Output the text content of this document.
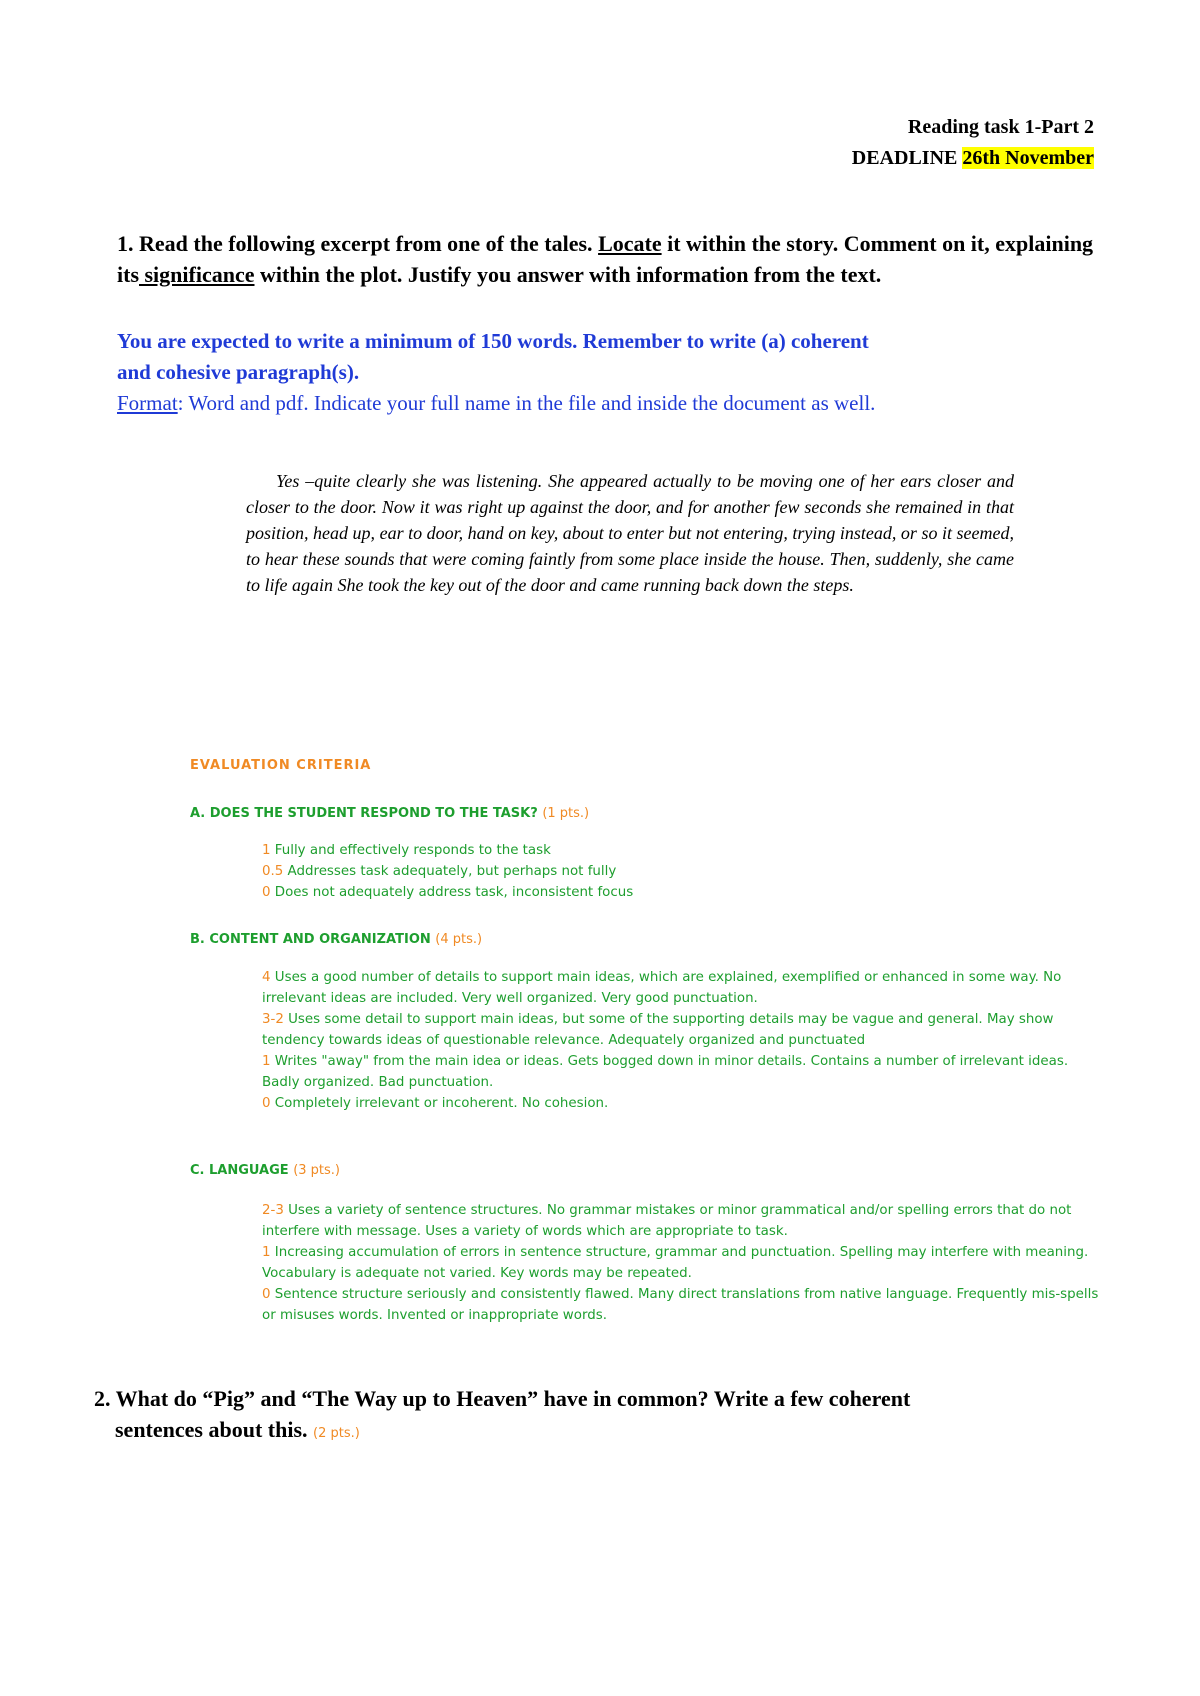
Reading task 1-Part 2
DEADLINE 26th November
1. Read the following excerpt from one of the tales. Locate it within the story. Comment on it, explaining its significance within the plot. Justify you answer with information from the text.
You are expected to write a minimum of 150 words. Remember to write (a) coherent
and cohesive paragraph(s).
Format: Word and pdf. Indicate your full name in the file and inside the document as well.

Yes –quite clearly she was listening. She appeared actually to be moving one of her ears closer and closer to the door. Now it was right up against the door, and for another few seconds she remained in that position, head up, ear to door, hand on key, about to enter but not entering, trying instead, or so it seemed, to hear these sounds that were coming faintly from some place inside the house. Then, suddenly, she came to life again She took the key out of the door and came running back down the steps.

EVALUATION CRITERIA
A. DOES THE STUDENT RESPOND TO THE TASK? (1 pts.)

1 Fully and effectively responds to the task

0.5 Addresses task adequately, but perhaps not fully

0 Does not adequately address task, inconsistent focus

B. CONTENT AND ORGANIZATION (4 pts.)

4 Uses a good number of details to support main ideas, which are explained, exemplified or enhanced in some way. No irrelevant ideas are included. Very well organized. Very good punctuation.

3-2 Uses some detail to support main ideas, but some of the supporting details may be vague and general. May show tendency towards ideas of questionable relevance. Adequately organized and punctuated

1 Writes "away" from the main idea or ideas. Gets bogged down in minor details. Contains a number of irrelevant ideas. Badly organized. Bad punctuation.

0 Completely irrelevant or incoherent. No cohesion.

C. LANGUAGE (3 pts.)

2-3 Uses a variety of sentence structures. No grammar mistakes or minor grammatical and/or spelling errors that do not interfere with message. Uses a variety of words which are appropriate to task.

1 Increasing accumulation of errors in sentence structure, grammar and punctuation. Spelling may interfere with meaning. Vocabulary is adequate not varied. Key words may be repeated.

0 Sentence structure seriously and consistently flawed. Many direct translations from native language. Frequently mis-spells or misuses words. Invented or inappropriate words.

2. What do “Pig” and “The Way up to Heaven” have in common? Write a few coherent
sentences about this. (2 pts.)
